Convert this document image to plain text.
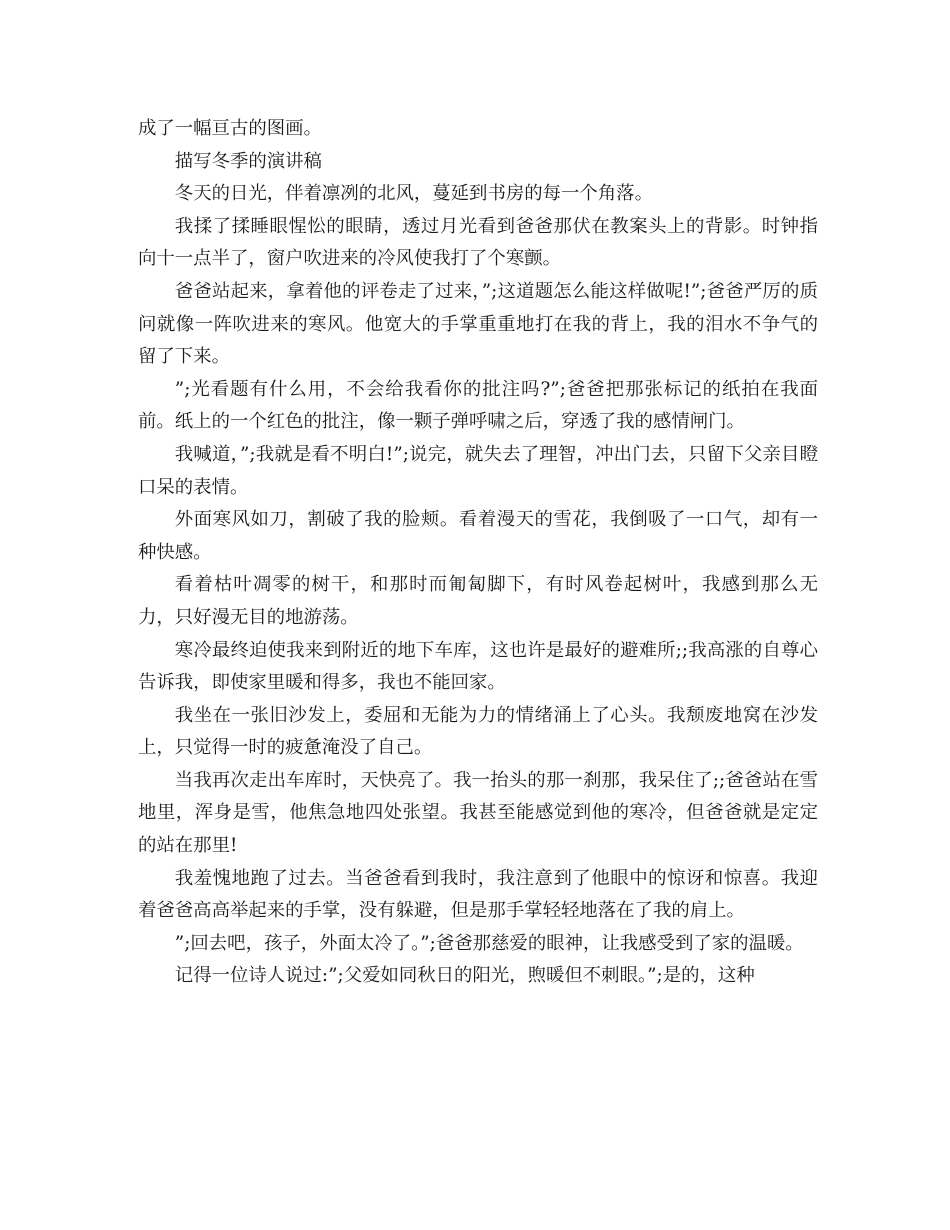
成了一幅亘古的图画。

描写冬季的演讲稿

冬天的日光，伴着凛冽的北风，蔓延到书房的每一个角落。

我揉了揉睡眼惺忪的眼睛，透过月光看到爸爸那伏在教案头上的背影。时钟指向十一点半了，窗户吹进来的冷风使我打了个寒颤。

爸爸站起来，拿着他的评卷走了过来，”;这道题怎么能这样做呢!”;爸爸严厉的质问就像一阵吹进来的寒风。他宽大的手掌重重地打在我的背上，我的泪水不争气的留了下来。

”;光看题有什么用，不会给我看你的批注吗?”;爸爸把那张标记的纸拍在我面前。纸上的一个红色的批注，像一颗子弹呼啸之后，穿透了我的感情闸门。

我喊道，”;我就是看不明白!”;说完，就失去了理智，冲出门去，只留下父亲目瞪口呆的表情。

外面寒风如刀，割破了我的脸颊。看着漫天的雪花，我倒吸了一口气，却有一种快感。

看着枯叶凋零的树干，和那时而匍匐脚下，有时风卷起树叶，我感到那么无力，只好漫无目的地游荡。

寒冷最终迫使我来到附近的地下车库，这也许是最好的避难所;;我高涨的自尊心告诉我，即使家里暖和得多，我也不能回家。

我坐在一张旧沙发上，委屈和无能为力的情绪涌上了心头。我颓废地窝在沙发上，只觉得一时的疲惫淹没了自己。

当我再次走出车库时，天快亮了。我一抬头的那一刹那，我呆住了;;爸爸站在雪地里，浑身是雪，他焦急地四处张望。我甚至能感觉到他的寒冷，但爸爸就是定定的站在那里!

我羞愧地跑了过去。当爸爸看到我时，我注意到了他眼中的惊讶和惊喜。我迎着爸爸高高举起来的手掌，没有躲避，但是那手掌轻轻地落在了我的肩上。

”;回去吧，孩子，外面太冷了。”;爸爸那慈爱的眼神，让我感受到了家的温暖。

记得一位诗人说过:”;父爱如同秋日的阳光，煦暖但不刺眼。”;是的，这种
